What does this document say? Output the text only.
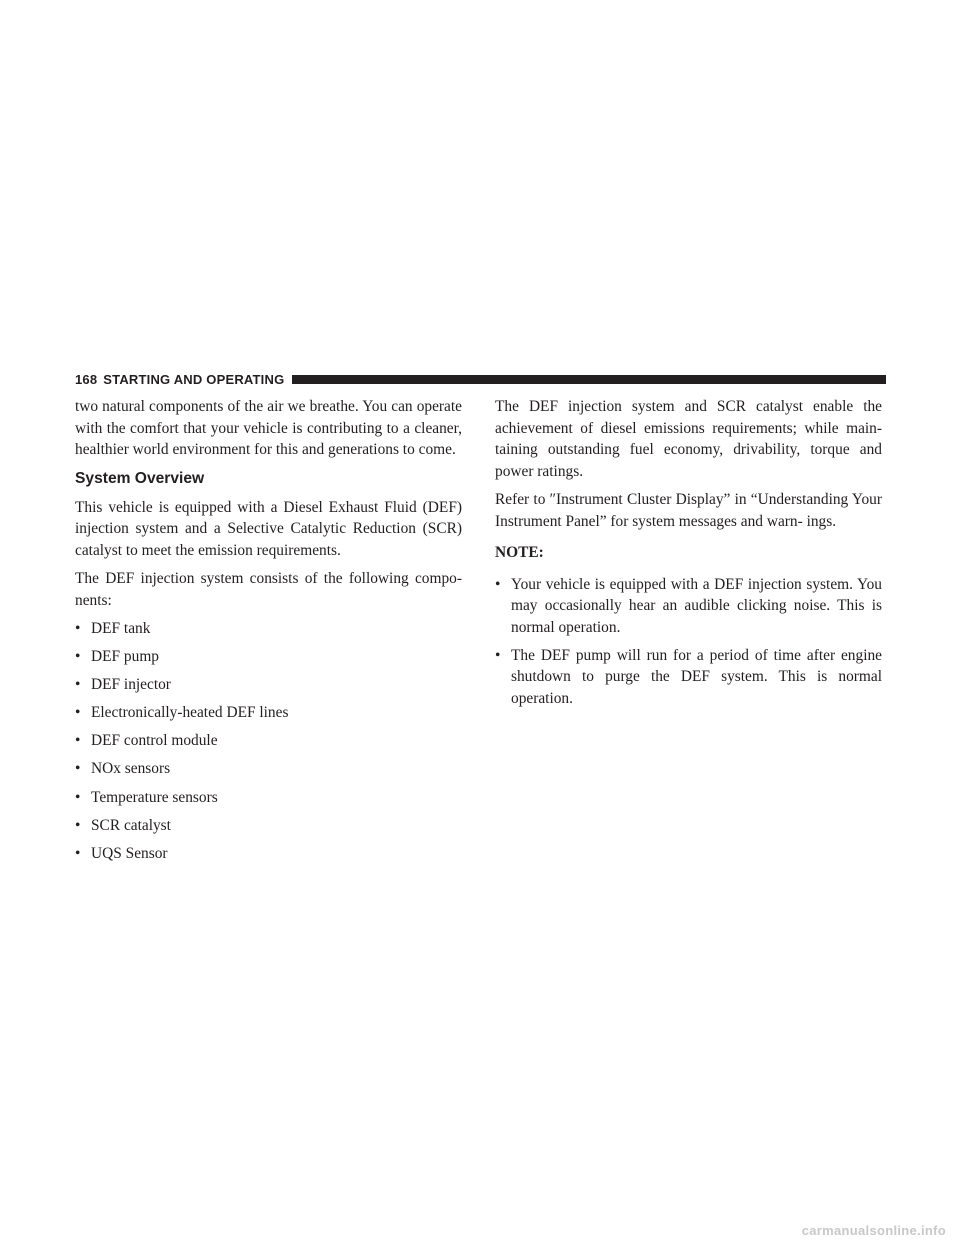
168 STARTING AND OPERATING

two natural components of the air we breathe. You can operate with the comfort that your vehicle is contributing to a cleaner, healthier world environment for this and generations to come.

System Overview

This vehicle is equipped with a Diesel Exhaust Fluid (DEF) injection system and a Selective Catalytic Reduction (SCR) catalyst to meet the emission requirements.

The DEF injection system consists of the following compo- nents:

• DEF tank
• DEF pump
• DEF injector
• Electronically-heated DEF lines
• DEF control module
• NOx sensors
• Temperature sensors
• SCR catalyst
• UQS Sensor

The DEF injection system and SCR catalyst enable the achievement of diesel emissions requirements; while main- taining outstanding fuel economy, drivability, torque and power ratings.

Refer to ″Instrument Cluster Display” in “Understanding Your Instrument Panel” for system messages and warn- ings.

NOTE:
• Your vehicle is equipped with a DEF injection system. You may occasionally hear an audible clicking noise. This is normal operation.
• The DEF pump will run for a period of time after engine shutdown to purge the DEF system. This is normal operation.
carmanualsonline.info
